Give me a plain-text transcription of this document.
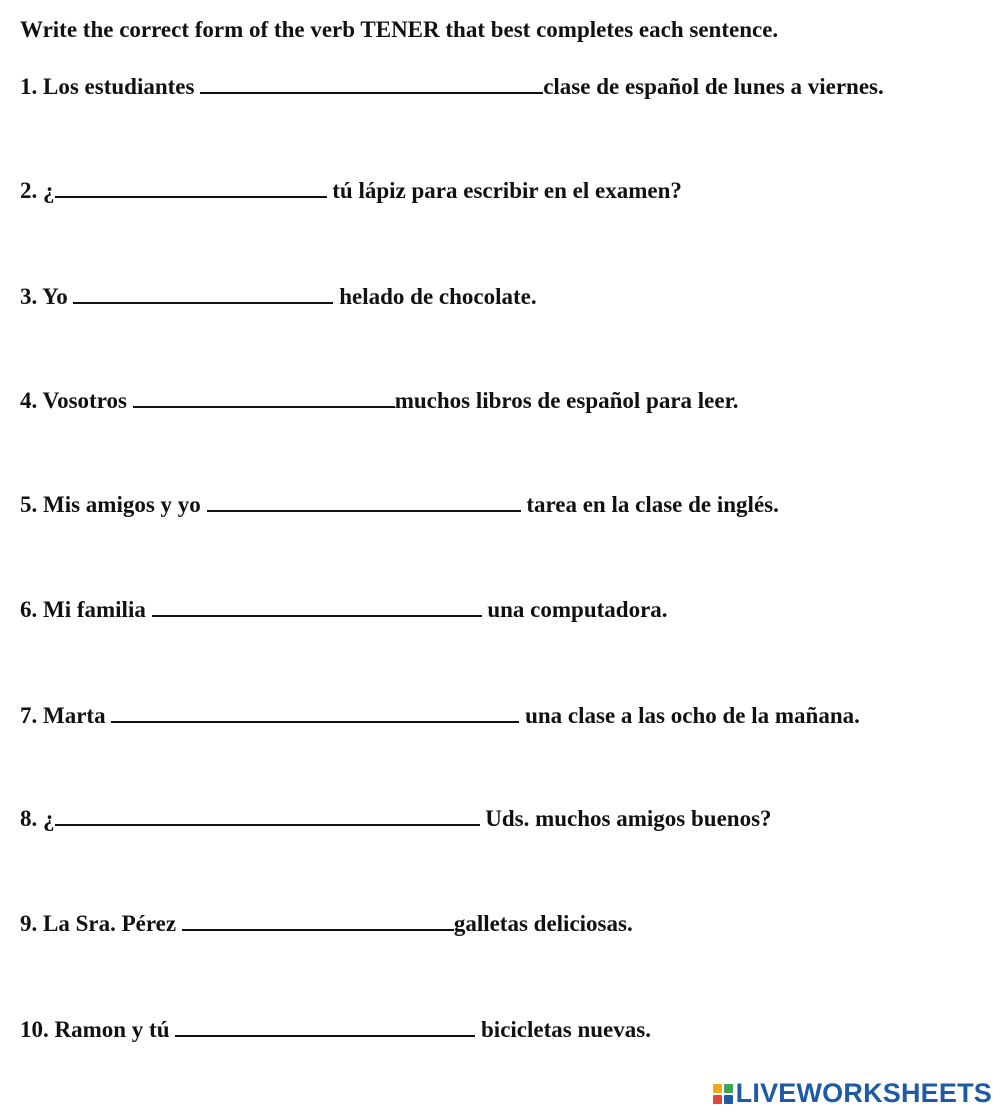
Write the correct form of the verb TENER that best completes each sentence.
1. Los estudiantes	clase de español de lunes a viernes.
2. ¿	tú lápiz para escribir en el examen?
3. Yo	helado de chocolate.
4. Vosotros	muchos libros de español para leer.
5. Mis amigos y yo	tarea en la clase de inglés.
6. Mi familia	una computadora.
7. Marta	una clase a las ocho de la mañana.
8. ¿	Uds. muchos amigos buenos?
9. La Sra. Pérez	galletas deliciosas.
10. Ramon y tú	bicicletas nuevas.
LIVEWORKSHEETS
